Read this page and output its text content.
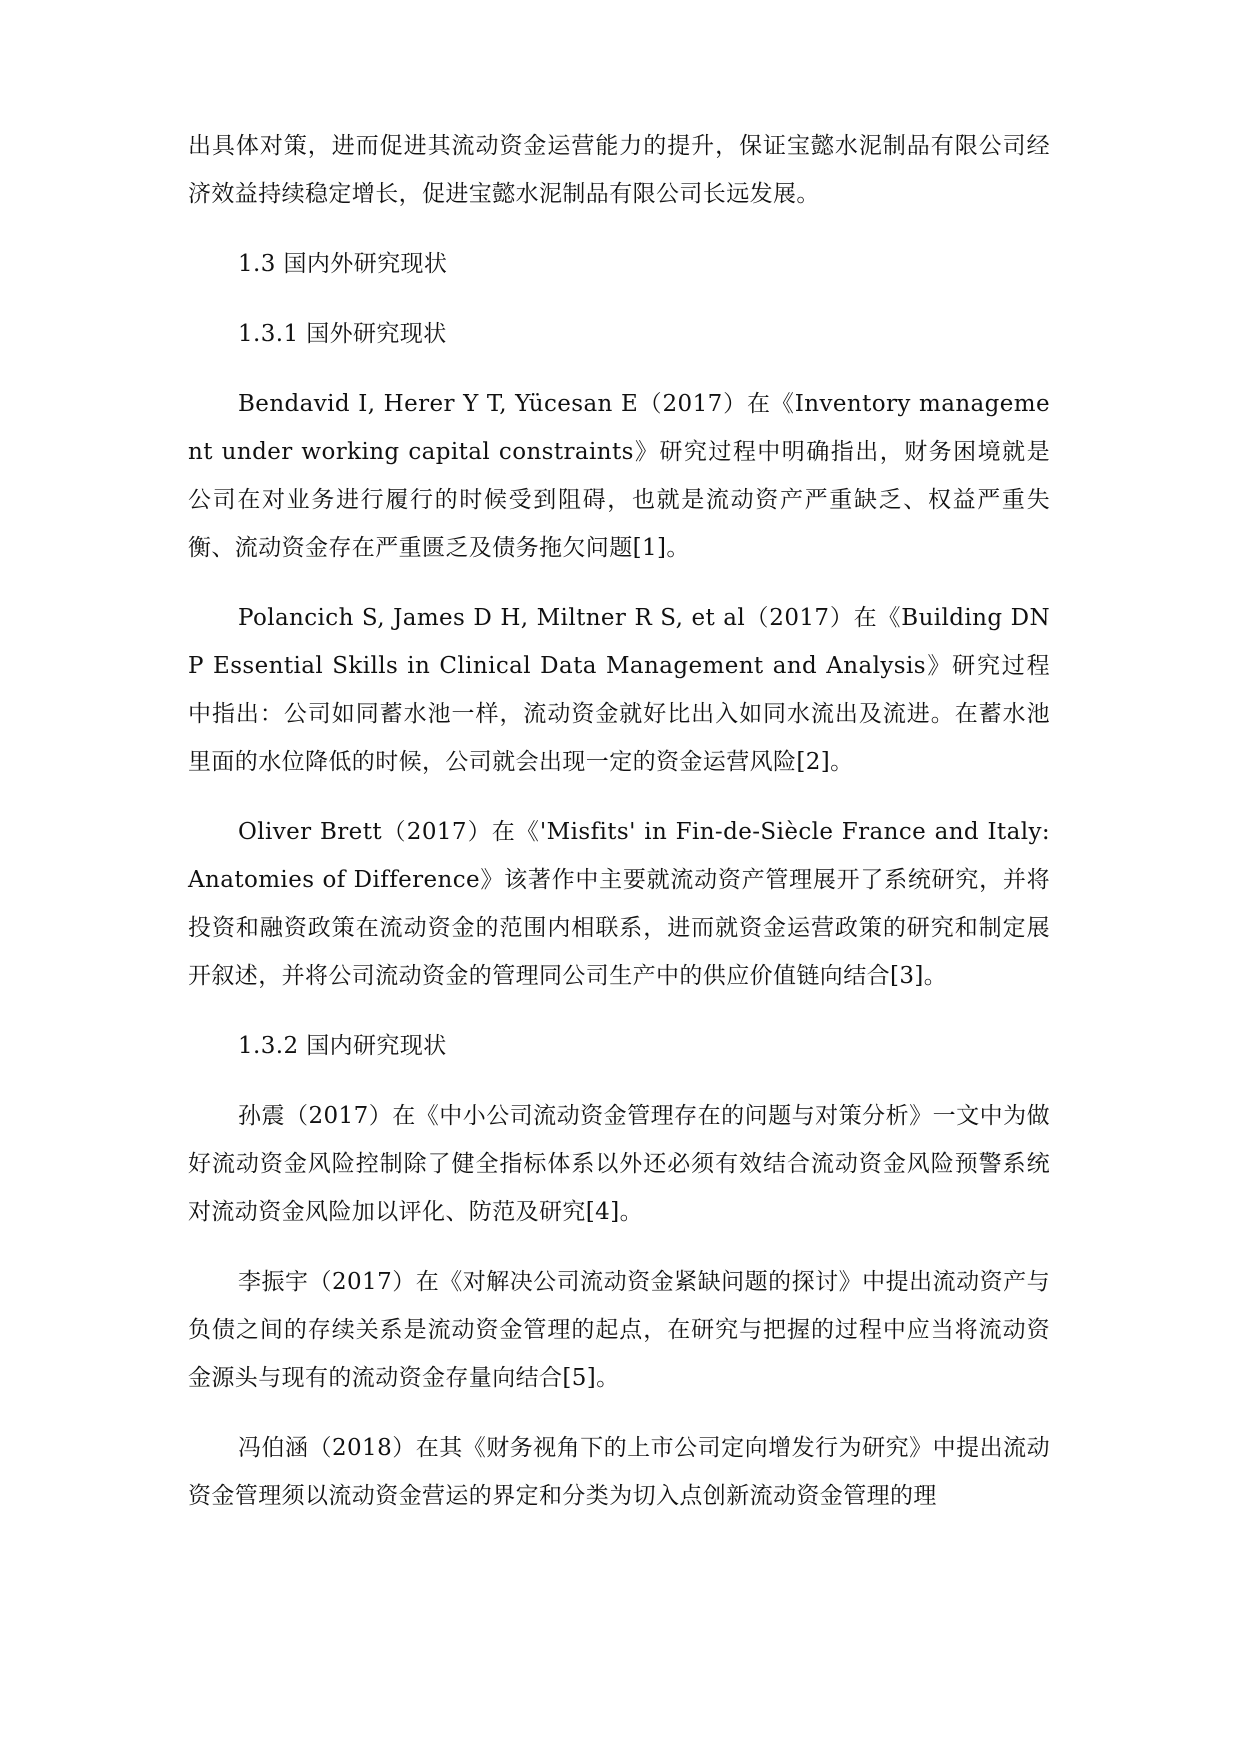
出具体对策，进而促进其流动资金运营能力的提升，保证宝懿水泥制品有限公司经济效益持续稳定增长，促进宝懿水泥制品有限公司长远发展。

1.3 国内外研究现状

1.3.1 国外研究现状

Bendavid I, Herer Y T, Yücesan E（2017）在《Inventory management under working capital constraints》研究过程中明确指出，财务困境就是公司在对业务进行履行的时候受到阻碍，也就是流动资产严重缺乏、权益严重失衡、流动资金存在严重匮乏及债务拖欠问题[1]。

Polancich S, James D H, Miltner R S, et al（2017）在《Building DNP Essential Skills in Clinical Data Management and Analysis》研究过程中指出：公司如同蓄水池一样，流动资金就好比出入如同水流出及流进。在蓄水池里面的水位降低的时候，公司就会出现一定的资金运营风险[2]。

Oliver Brett（2017）在《'Misfits' in Fin-de-Siècle France and Italy: Anatomies of Difference》该著作中主要就流动资产管理展开了系统研究，并将投资和融资政策在流动资金的范围内相联系，进而就资金运营政策的研究和制定展开叙述，并将公司流动资金的管理同公司生产中的供应价值链向结合[3]。

1.3.2 国内研究现状

孙震（2017）在《中小公司流动资金管理存在的问题与对策分析》一文中为做好流动资金风险控制除了健全指标体系以外还必须有效结合流动资金风险预警系统对流动资金风险加以评化、防范及研究[4]。

李振宇（2017）在《对解决公司流动资金紧缺问题的探讨》中提出流动资产与负债之间的存续关系是流动资金管理的起点，在研究与把握的过程中应当将流动资金源头与现有的流动资金存量向结合[5]。

冯伯涵（2018）在其《财务视角下的上市公司定向增发行为研究》中提出流动资金管理须以流动资金营运的界定和分类为切入点创新流动资金管理的理
